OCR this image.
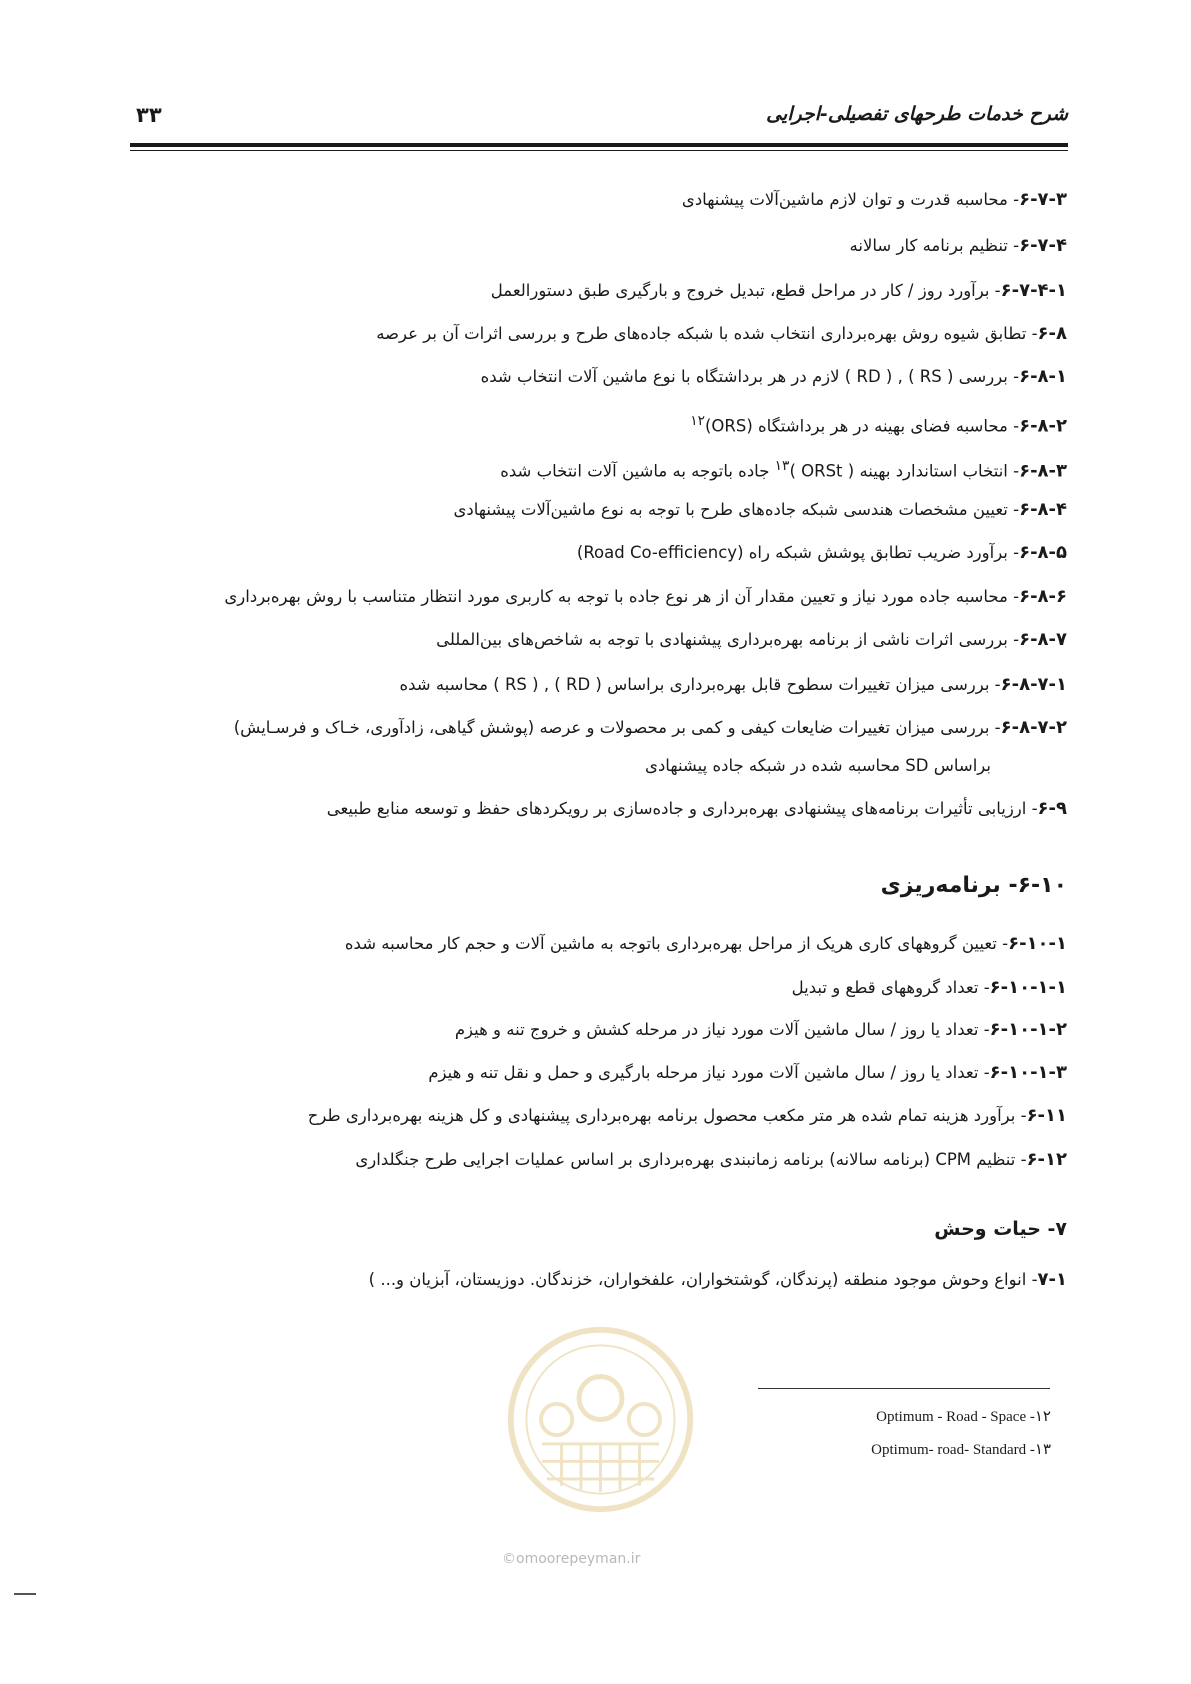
شرح خدمات طرحهای تفصیلی-اجرایی
۳۳
۶-۷-۳- محاسبه قدرت و توان لازم ماشین‌آلات پیشنهادی
۶-۷-۴- تنظیم برنامه کار سالانه
۶-۷-۴-۱- برآورد روز / کار در مراحل قطع، تبدیل خروج و بارگیری طبق دستورالعمل
۶-۸- تطابق شیوه روش بهره‌برداری انتخاب شده با شبکه جاده‌های طرح و بررسی اثرات آن بر عرصه
۶-۸-۱- بررسی ( RS ) , ( RD ) لازم در هر برداشتگاه با نوع ماشین آلات انتخاب شده
۶-۸-۲- محاسبه فضای بهینه در هر برداشتگاه (ORS)$^{۱۲}$
۶-۸-۳- انتخاب استاندارد بهینه ( ORSt )$^{۱۳}$ جاده باتوجه به ماشین آلات انتخاب شده
۶-۸-۴- تعیین مشخصات هندسی شبکه جاده‌های طرح با توجه به نوع ماشین‌آلات پیشنهادی
۶-۸-۵- برآورد ضریب تطابق پوشش شبکه راه (Road Co-efficiency)
۶-۸-۶- محاسبه جاده مورد نیاز و تعیین مقدار آن از هر نوع جاده با توجه به کاربری مورد انتظار متناسب با روش بهره‌برداری
۶-۸-۷- بررسی اثرات ناشی از برنامه بهره‌برداری پیشنهادی با توجه به شاخص‌های بین‌المللی
۶-۸-۷-۱- بررسی میزان تغییرات سطوح قابل بهره‌برداری براساس ( RD ) , ( RS ) محاسبه شده
۶-۸-۷-۲- بررسی میزان تغییرات ضایعات کیفی و کمی بر محصولات و عرصه (پوشش گیاهی، زادآوری، خـاک و فرسـایش)
براساس SD محاسبه شده در شبکه جاده پیشنهادی
۶-۹- ارزیابی تأثیرات برنامه‌های پیشنهادی بهره‌برداری و جاده‌سازی بر رویکردهای حفظ و توسعه منابع طبیعی
۶-۱۰- برنامه‌ریزی
۶-۱۰-۱- تعیین گروههای کاری هریک از مراحل بهره‌برداری باتوجه به ماشین آلات و حجم کار محاسبه شده
۶-۱۰-۱-۱- تعداد گروههای قطع و تبدیل
۶-۱۰-۱-۲- تعداد یا روز / سال ماشین آلات مورد نیاز در مرحله کشش و خروج تنه و هیزم
۶-۱۰-۱-۳- تعداد یا روز / سال ماشین آلات مورد نیاز مرحله بارگیری و حمل و نقل تنه و هیزم
۶-۱۱- برآورد هزینه تمام شده هر متر مکعب محصول برنامه بهره‌برداری پیشنهادی و کل هزینه بهره‌برداری طرح
۶-۱۲- تنظیم CPM (برنامه سالانه) برنامه زمانبندی بهره‌برداری بر اساس عملیات اجرایی طرح جنگلداری
۷- حیات وحش
۷-۱- انواع وحوش موجود منطقه (پرندگان، گوشتخواران، علفخواران، خزندگان. دوزیستان، آبزیان و... )
Optimum - Road - Space -۱۲
Optimum- road- Standard -۱۳
©omoorepeyman.ir
